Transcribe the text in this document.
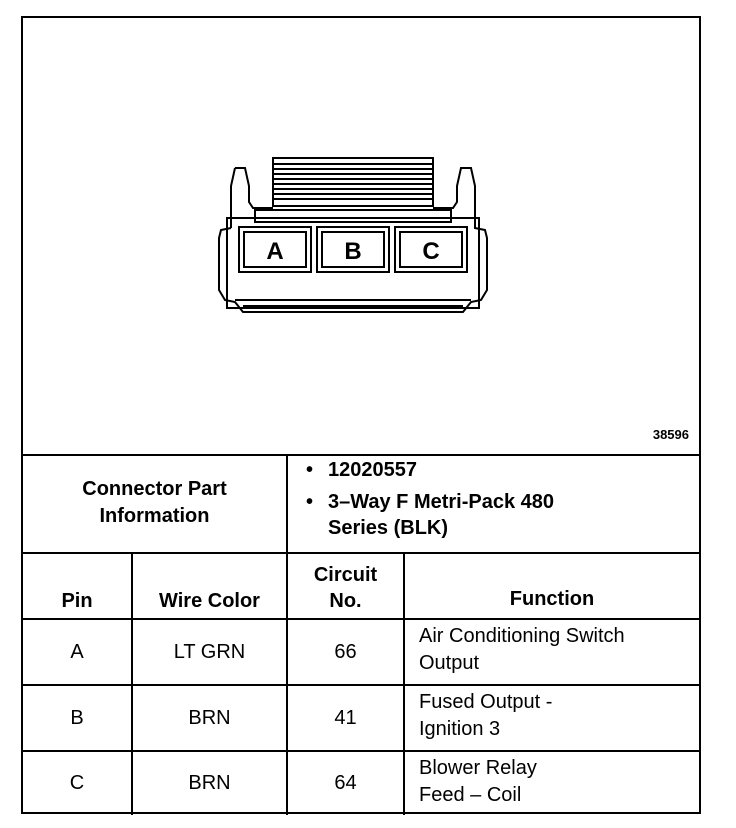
A	B	C
38596
Connector Part Information		• 12020557
• 3–Way F Metri-Pack 480 Series (BLK)	

Pin	Wire Color	Circuit No.	Function
A	LT GRN	66	Air Conditioning Switch Output

B	BRN	41	Fused Output - Ignition 3

C	BRN	64	Blower Relay Feed – Coil
